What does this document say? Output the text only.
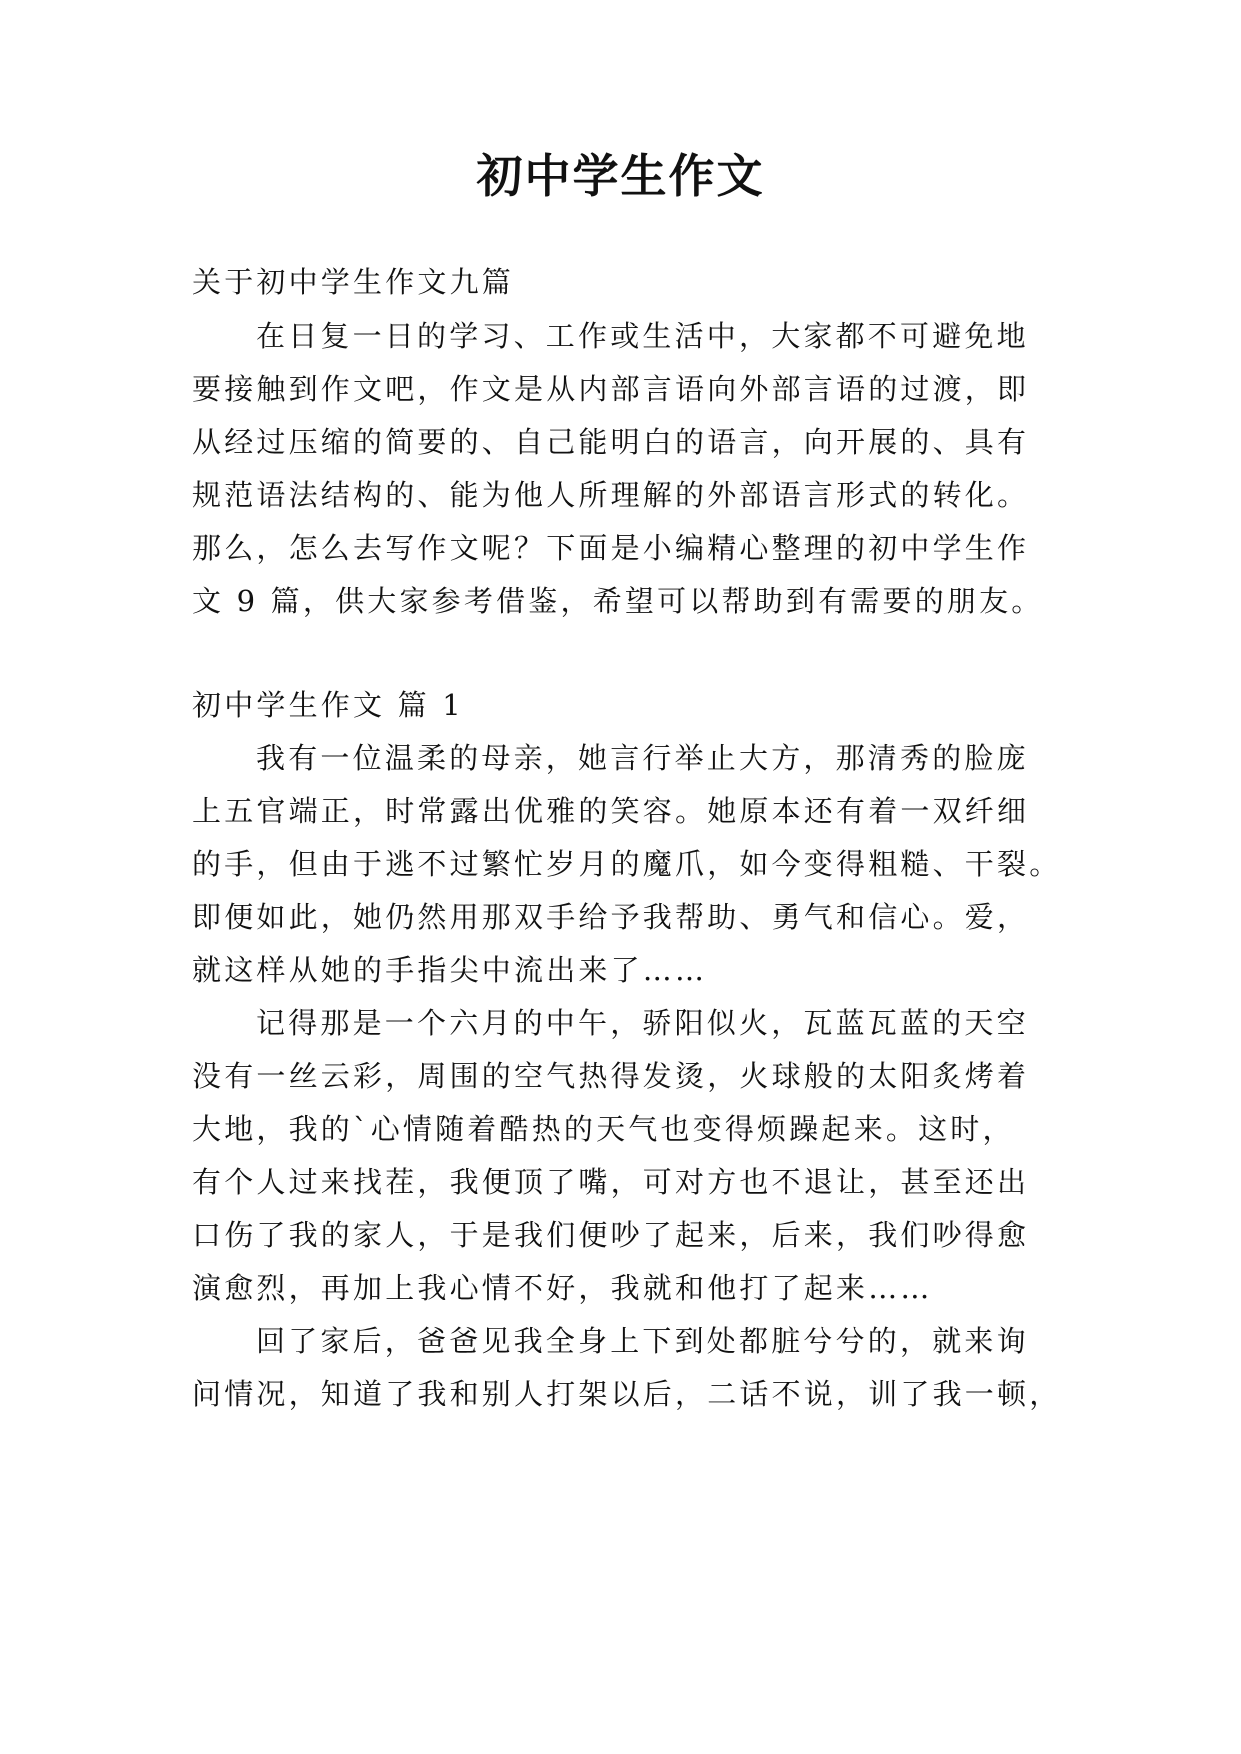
初中学生作文

关于初中学生作文九篇

在日复一日的学习、工作或生活中，大家都不可避免地

要接触到作文吧，作文是从内部言语向外部言语的过渡，即

从经过压缩的简要的、自己能明白的语言，向开展的、具有

规范语法结构的、能为他人所理解的外部语言形式的转化。

那么，怎么去写作文呢？下面是小编精心整理的初中学生作

文 9 篇，供大家参考借鉴，希望可以帮助到有需要的朋友。

初中学生作文 篇 1

我有一位温柔的母亲，她言行举止大方，那清秀的脸庞

上五官端正，时常露出优雅的笑容。她原本还有着一双纤细

的手，但由于逃不过繁忙岁月的魔爪，如今变得粗糙、干裂。

即便如此，她仍然用那双手给予我帮助、勇气和信心。爱，

就这样从她的手指尖中流出来了……

记得那是一个六月的中午，骄阳似火，瓦蓝瓦蓝的天空

没有一丝云彩，周围的空气热得发烫，火球般的太阳炙烤着

大地，我的`心情随着酷热的天气也变得烦躁起来。这时，

有个人过来找茬，我便顶了嘴，可对方也不退让，甚至还出

口伤了我的家人，于是我们便吵了起来，后来，我们吵得愈

演愈烈，再加上我心情不好，我就和他打了起来……

回了家后，爸爸见我全身上下到处都脏兮兮的，就来询

问情况，知道了我和别人打架以后，二话不说，训了我一顿，
